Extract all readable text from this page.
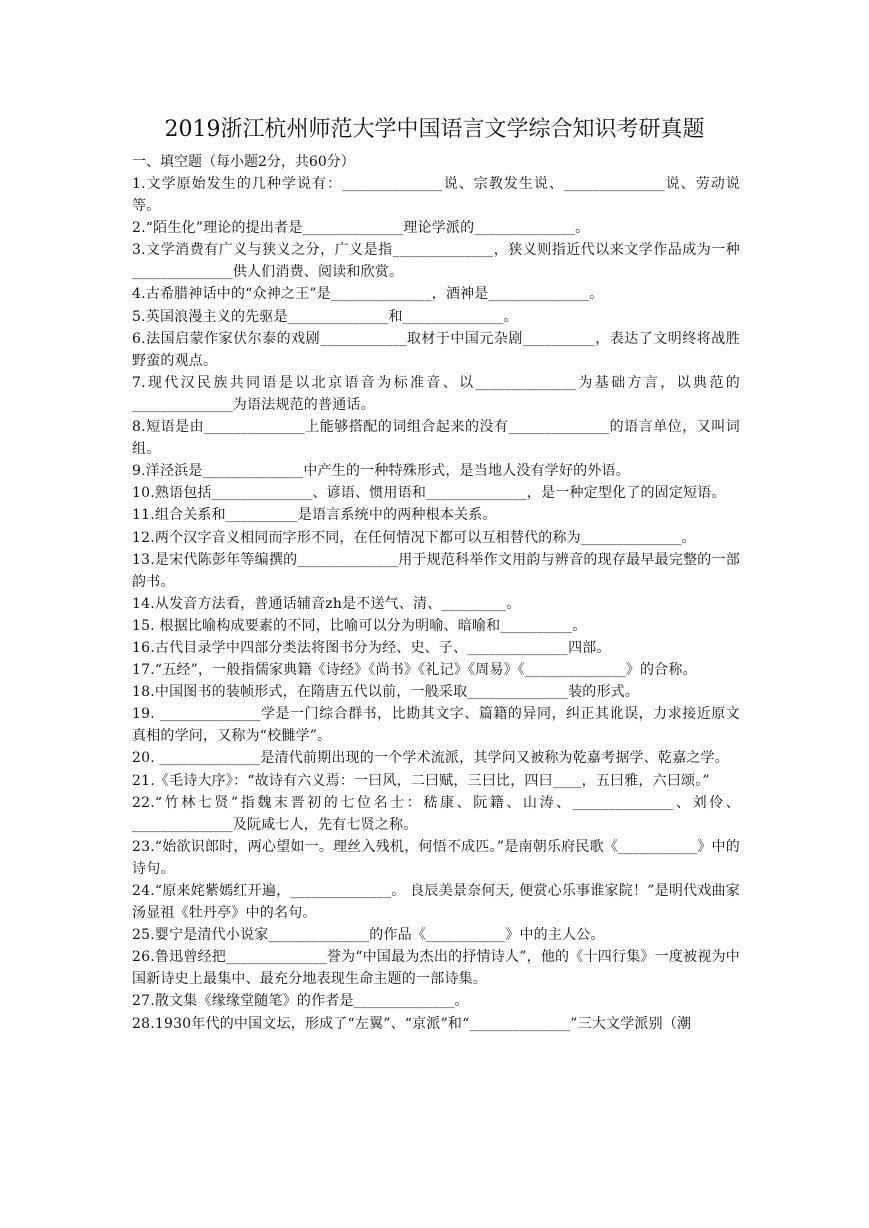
2019浙江杭州师范大学中国语言文学综合知识考研真题
一、填空题（每小题2分，共60分）

1.文学原始发生的几种学说有：______________说、宗教发生说、______________说、劳动说等。

2.“陌生化”理论的提出者是______________理论学派的______________。

3.文学消费有广义与狭义之分，广义是指______________，狭义则指近代以来文学作品成为一种______________供人们消费、阅读和欣赏。

4.古希腊神话中的“众神之王”是______________，酒神是______________。

5.英国浪漫主义的先驱是______________和______________。

6.法国启蒙作家伏尔泰的戏剧____________取材于中国元杂剧__________，表达了文明终将战胜野蛮的观点。

7.现代汉民族共同语是以北京语音为标准音、以______________为基础方言，以典范的______________为语法规范的普通话。

8.短语是由______________上能够搭配的词组合起来的没有______________的语言单位，又叫词组。

9.洋泾浜是______________中产生的一种特殊形式，是当地人没有学好的外语。

10.熟语包括______________、谚语、惯用语和______________，是一种定型化了的固定短语。

11.组合关系和__________是语言系统中的两种根本关系。

12.两个汉字音义相同而字形不同，在任何情况下都可以互相替代的称为______________。

13.是宋代陈彭年等编撰的______________用于规范科举作文用韵与辨音的现存最早最完整的一部韵书。

14.从发音方法看，普通话辅音zh是不送气、清、_________。

15. 根据比喻构成要素的不同，比喻可以分为明喻、暗喻和__________。

16.古代目录学中四部分类法将图书分为经、史、子、______________四部。

17.“五经”，一般指儒家典籍《诗经》《尚书》《礼记》《周易》《______________》的合称。

18.中国图书的装帧形式，在隋唐五代以前，一般采取______________装的形式。

19. ______________学是一门综合群书，比勘其文字、篇籍的异同，纠正其讹误，力求接近原文真相的学问，又称为“校雠学”。

20. ______________是清代前期出现的一个学术流派，其学问又被称为乾嘉考据学、乾嘉之学。

21.《毛诗大序》：“故诗有六义焉：一曰风，二曰赋，三曰比，四曰____，五曰雅，六曰颂。”

22.“竹林七贤”指魏末晋初的七位名士：嵇康、阮籍、山涛、______________、刘伶、______________及阮咸七人，先有七贤之称。

23.“始欲识郎时，两心望如一。理丝入残机，何悟不成匹。”是南朝乐府民歌《___________》中的诗句。

24.“原来姹紫嫣红开遍，______________。 良辰美景奈何天, 便赏心乐事谁家院！”是明代戏曲家汤显祖《牡丹亭》中的名句。

25.婴宁是清代小说家______________的作品《___________》中的主人公。

26.鲁迅曾经把______________誉为“中国最为杰出的抒情诗人”，他的《十四行集》一度被视为中国新诗史上最集中、最充分地表现生命主题的一部诗集。

27.散文集《缘缘堂随笔》的作者是______________。

28.1930年代的中国文坛，形成了“左翼”、“京派”和“______________”三大文学派别（潮
